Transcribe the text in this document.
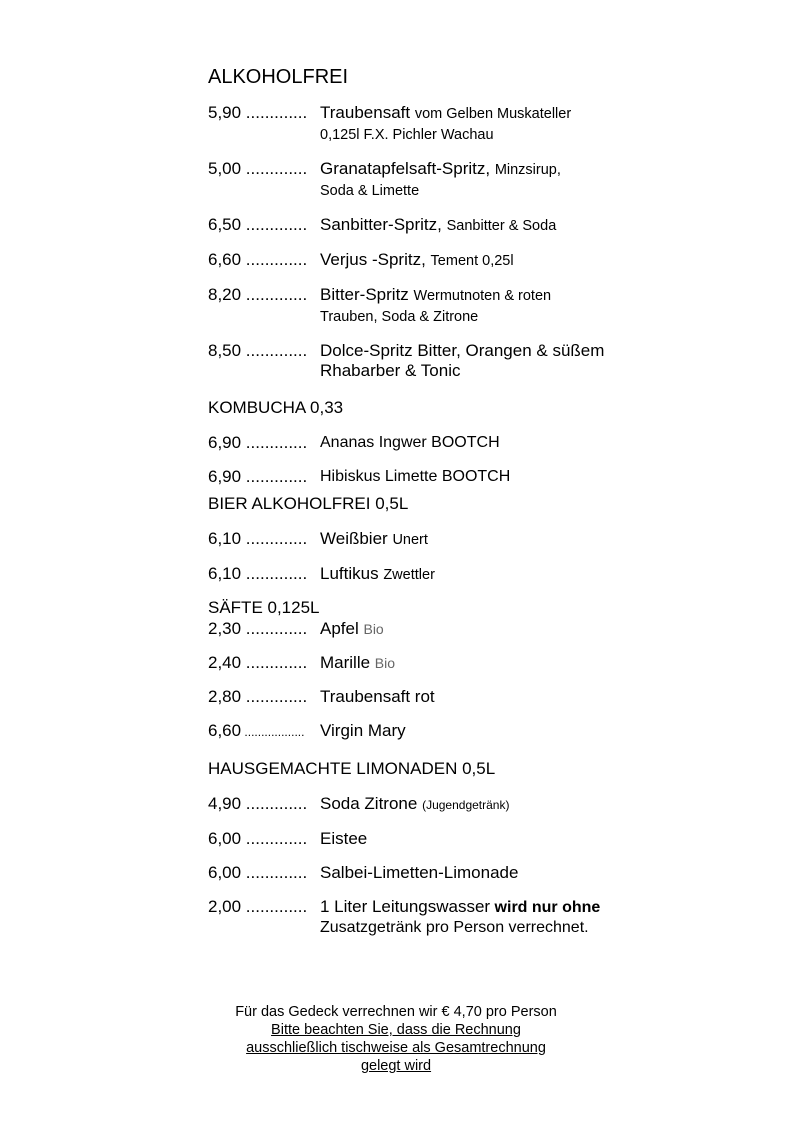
ALKOHOLFREI
5,90 ............. Traubensaft vom Gelben Muskateller 0,125l F.X. Pichler Wachau
5,00 ............. Granatapfelsaft-Spritz, Minzsirup,
Soda & Limette
6,50 ............. Sanbitter-Spritz, Sanbitter & Soda
6,60 ............. Verjus -Spritz, Tement 0,25l
8,20 ............. Bitter-Spritz Wermutnoten & roten
Trauben, Soda & Zitrone
8,50 ............. Dolce-Spritz Bitter, Orangen & süßem Rhabarber & Tonic
KOMBUCHA 0,33
6,90 ............. Ananas Ingwer BOOTCH
6,90 ............. Hibiskus Limette BOOTCH
BIER ALKOHOLFREI 0,5L
6,10 ............. Weißbier Unert
6,10 ............. Luftikus Zwettler
SÄFTE 0,125L
2,30 ............. Apfel Bio
2,40 ............. Marille Bio
2,80 ............. Traubensaft rot
6,60 .................. Virgin Mary
HAUSGEMACHTE LIMONADEN 0,5L
4,90 ............. Soda Zitrone (Jugendgetränk)
6,00 ............. Eistee
6,00 ............. Salbei-Limetten-Limonade
2,00 ............. 1 Liter Leitungswasser wird nur ohne Zusatzgetränk pro Person verrechnet.
Für das Gedeck verrechnen wir € 4,70 pro Person
Bitte beachten Sie, dass die Rechnung
ausschließlich tischweise als Gesamtrechnung
gelegt wird
